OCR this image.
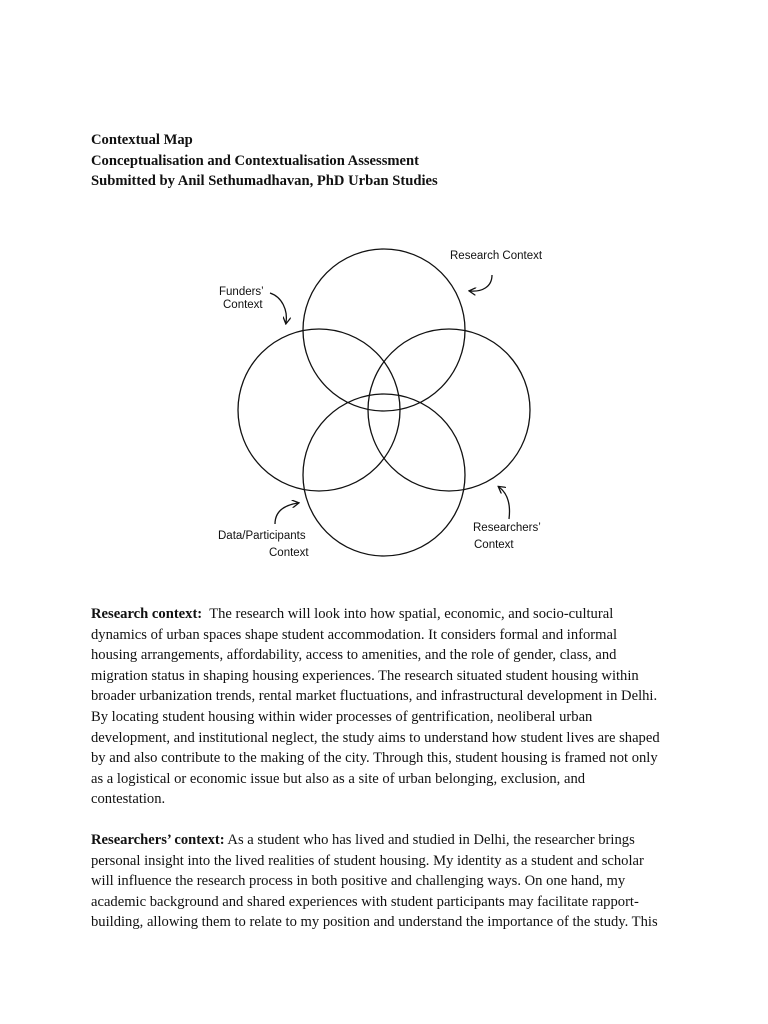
Contextual Map
Conceptualisation and Contextualisation Assessment
Submitted by Anil Sethumadhavan, PhD Urban Studies
Research Context
Funders’
Context
Researchers’
Context
Data/Participants
Context
Research context:  The research will look into how spatial, economic, and socio-cultural
dynamics of urban spaces shape student accommodation. It considers formal and informal
housing arrangements, affordability, access to amenities, and the role of gender, class, and
migration status in shaping housing experiences. The research situated student housing within
broader urbanization trends, rental market fluctuations, and infrastructural development in Delhi.
By locating student housing within wider processes of gentrification, neoliberal urban
development, and institutional neglect, the study aims to understand how student lives are shaped
by and also contribute to the making of the city. Through this, student housing is framed not only
as a logistical or economic issue but also as a site of urban belonging, exclusion, and
contestation.
Researchers’ context: As a student who has lived and studied in Delhi, the researcher brings
personal insight into the lived realities of student housing. My identity as a student and scholar
will influence the research process in both positive and challenging ways. On one hand, my
academic background and shared experiences with student participants may facilitate rapport-
building, allowing them to relate to my position and understand the importance of the study. This
